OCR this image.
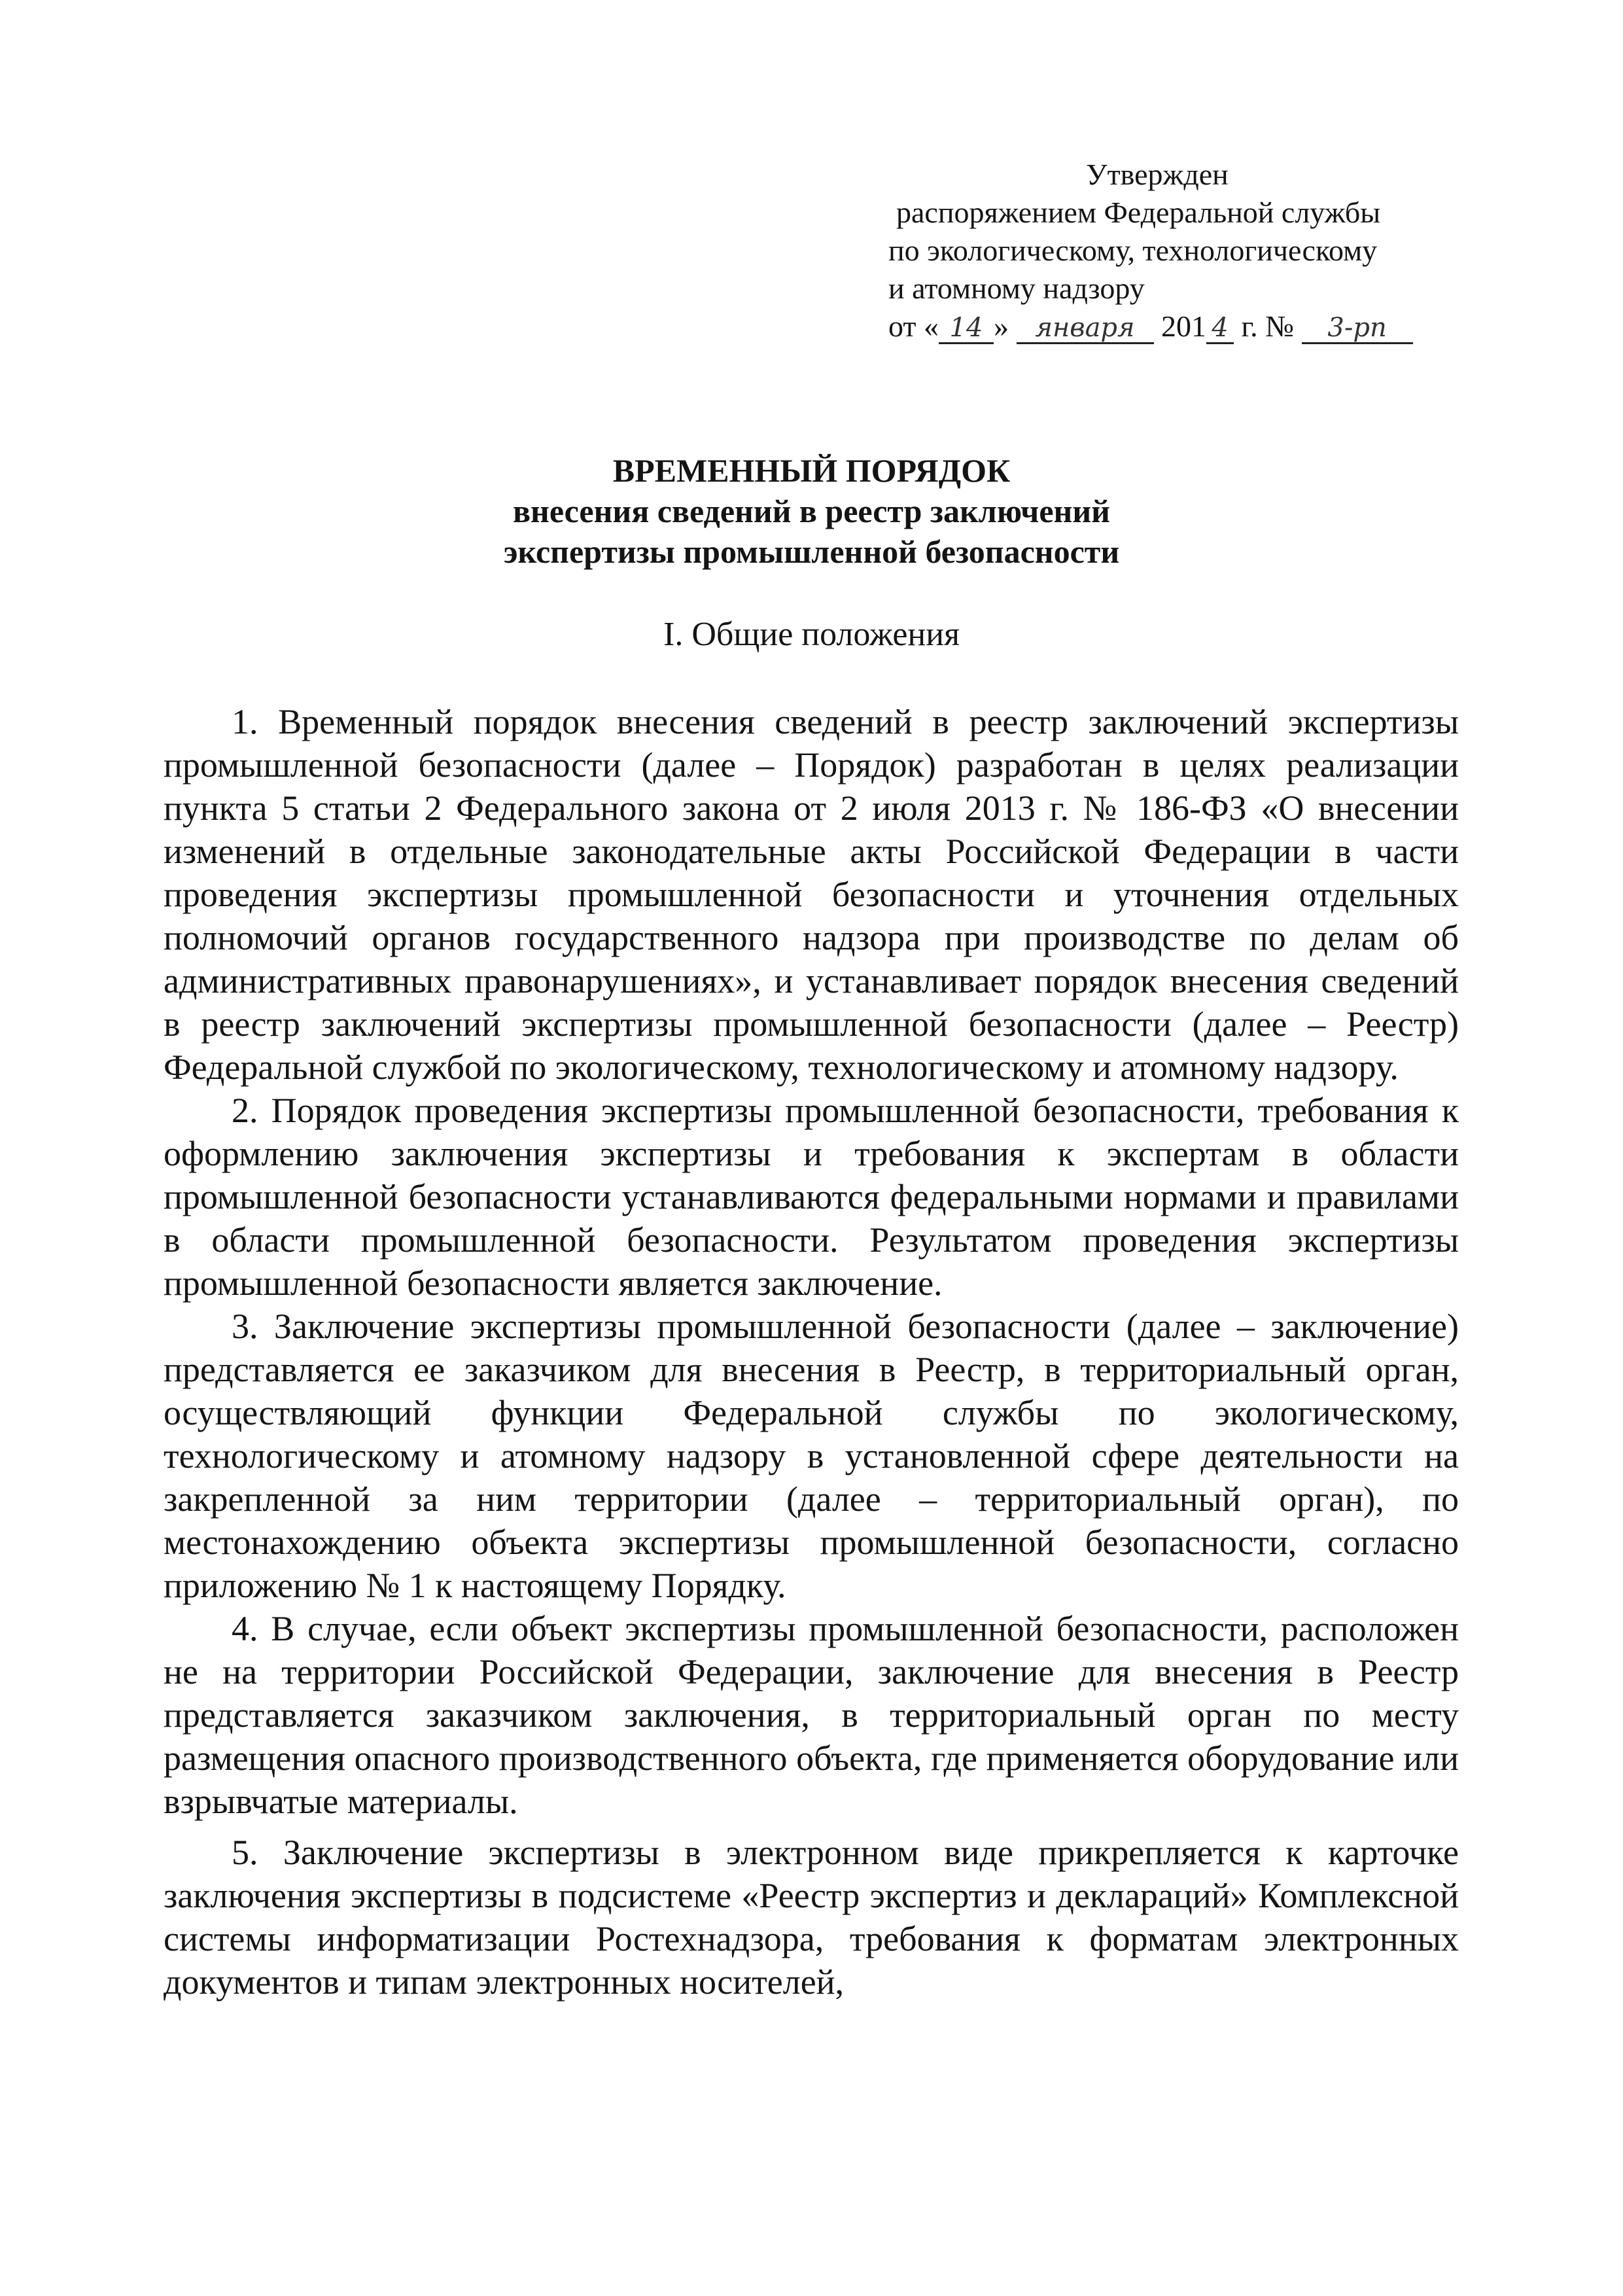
Утвержден
распоряжением Федеральной службы
по экологическому, технологическому
и атомному надзору
от « 14 » января 201 4 г. № 3-рп
ВРЕМЕННЫЙ ПОРЯДОК
внесения сведений в реестр заключений
экспертизы промышленной безопасности
I. Общие положения

1. Временный порядок внесения сведений в реестр заключений экспертизы промышленной безопасности (далее – Порядок) разработан в целях реализации пункта 5 статьи 2 Федерального закона от 2 июля 2013 г. № 186-ФЗ «О внесении изменений в отдельные законодательные акты Российской Федерации в части проведения экспертизы промышленной безопасности и уточнения отдельных полномочий органов государственного надзора при производстве по делам об административных правонарушениях», и устанавливает порядок внесения сведений в реестр заключений экспертизы промышленной безопасности (далее – Реестр) Федеральной службой по экологическому, технологическому и атомному надзору.

2. Порядок проведения экспертизы промышленной безопасности, требования к оформлению заключения экспертизы и требования к экспертам в области промышленной безопасности устанавливаются федеральными нормами и правилами в области промышленной безопасности. Результатом проведения экспертизы промышленной безопасности является заключение.

3. Заключение экспертизы промышленной безопасности (далее – заключение) представляется ее заказчиком для внесения в Реестр, в территориальный орган, осуществляющий функции Федеральной службы по экологическому, технологическому и атомному надзору в установленной сфере деятельности на закрепленной за ним территории (далее – территориальный орган), по местонахождению объекта экспертизы промышленной безопасности, согласно приложению № 1 к настоящему Порядку.

4. В случае, если объект экспертизы промышленной безопасности, расположен не на территории Российской Федерации, заключение для внесения в Реестр представляется заказчиком заключения, в территориальный орган по месту размещения опасного производственного объекта, где применяется оборудование или взрывчатые материалы.

5. Заключение экспертизы в электронном виде прикрепляется к карточке заключения экспертизы в подсистеме «Реестр экспертиз и деклараций» Комплексной системы информатизации Ростехнадзора, требования к форматам электронных документов и типам электронных носителей,
